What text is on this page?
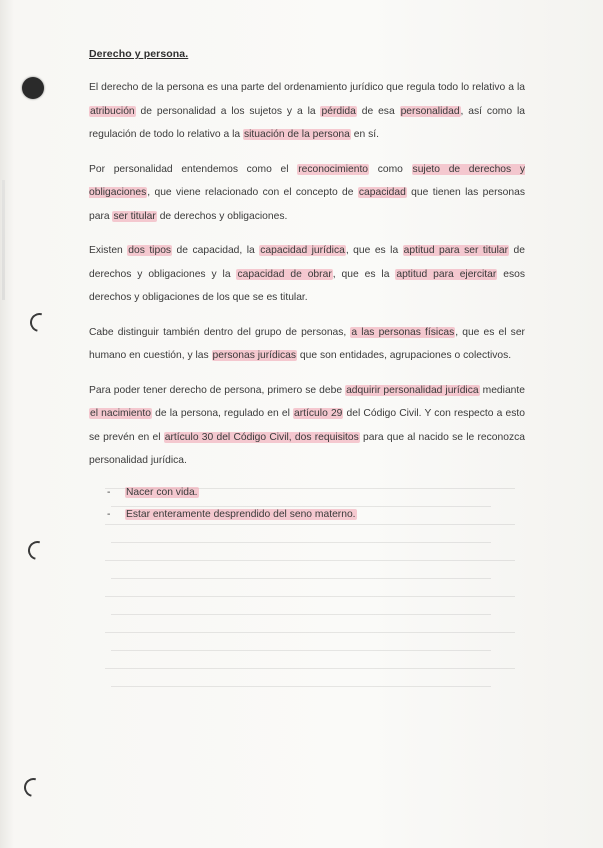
Derecho y persona.

El derecho de la persona es una parte del ordenamiento jurídico que regula todo lo relativo a la atribución de personalidad a los sujetos y a la pérdida de esa personalidad, así como la regulación de todo lo relativo a la situación de la persona en sí.

Por personalidad entendemos como el reconocimiento como sujeto de derechos y obligaciones, que viene relacionado con el concepto de capacidad que tienen las personas para ser titular de derechos y obligaciones.

Existen dos tipos de capacidad, la capacidad jurídica, que es la aptitud para ser titular de derechos y obligaciones y la capacidad de obrar, que es la aptitud para ejercitar esos derechos y obligaciones de los que se es titular.

Cabe distinguir también dentro del grupo de personas, a las personas físicas, que es el ser humano en cuestión, y las personas jurídicas que son entidades, agrupaciones o colectivos.

Para poder tener derecho de persona, primero se debe adquirir personalidad jurídica mediante el nacimiento de la persona, regulado en el artículo 29 del Código Civil. Y con respecto a esto se prevén en el artículo 30 del Código Civil, dos requisitos para que al nacido se le reconozca personalidad jurídica.

- Nacer con vida.
- Estar enteramente desprendido del seno materno.
